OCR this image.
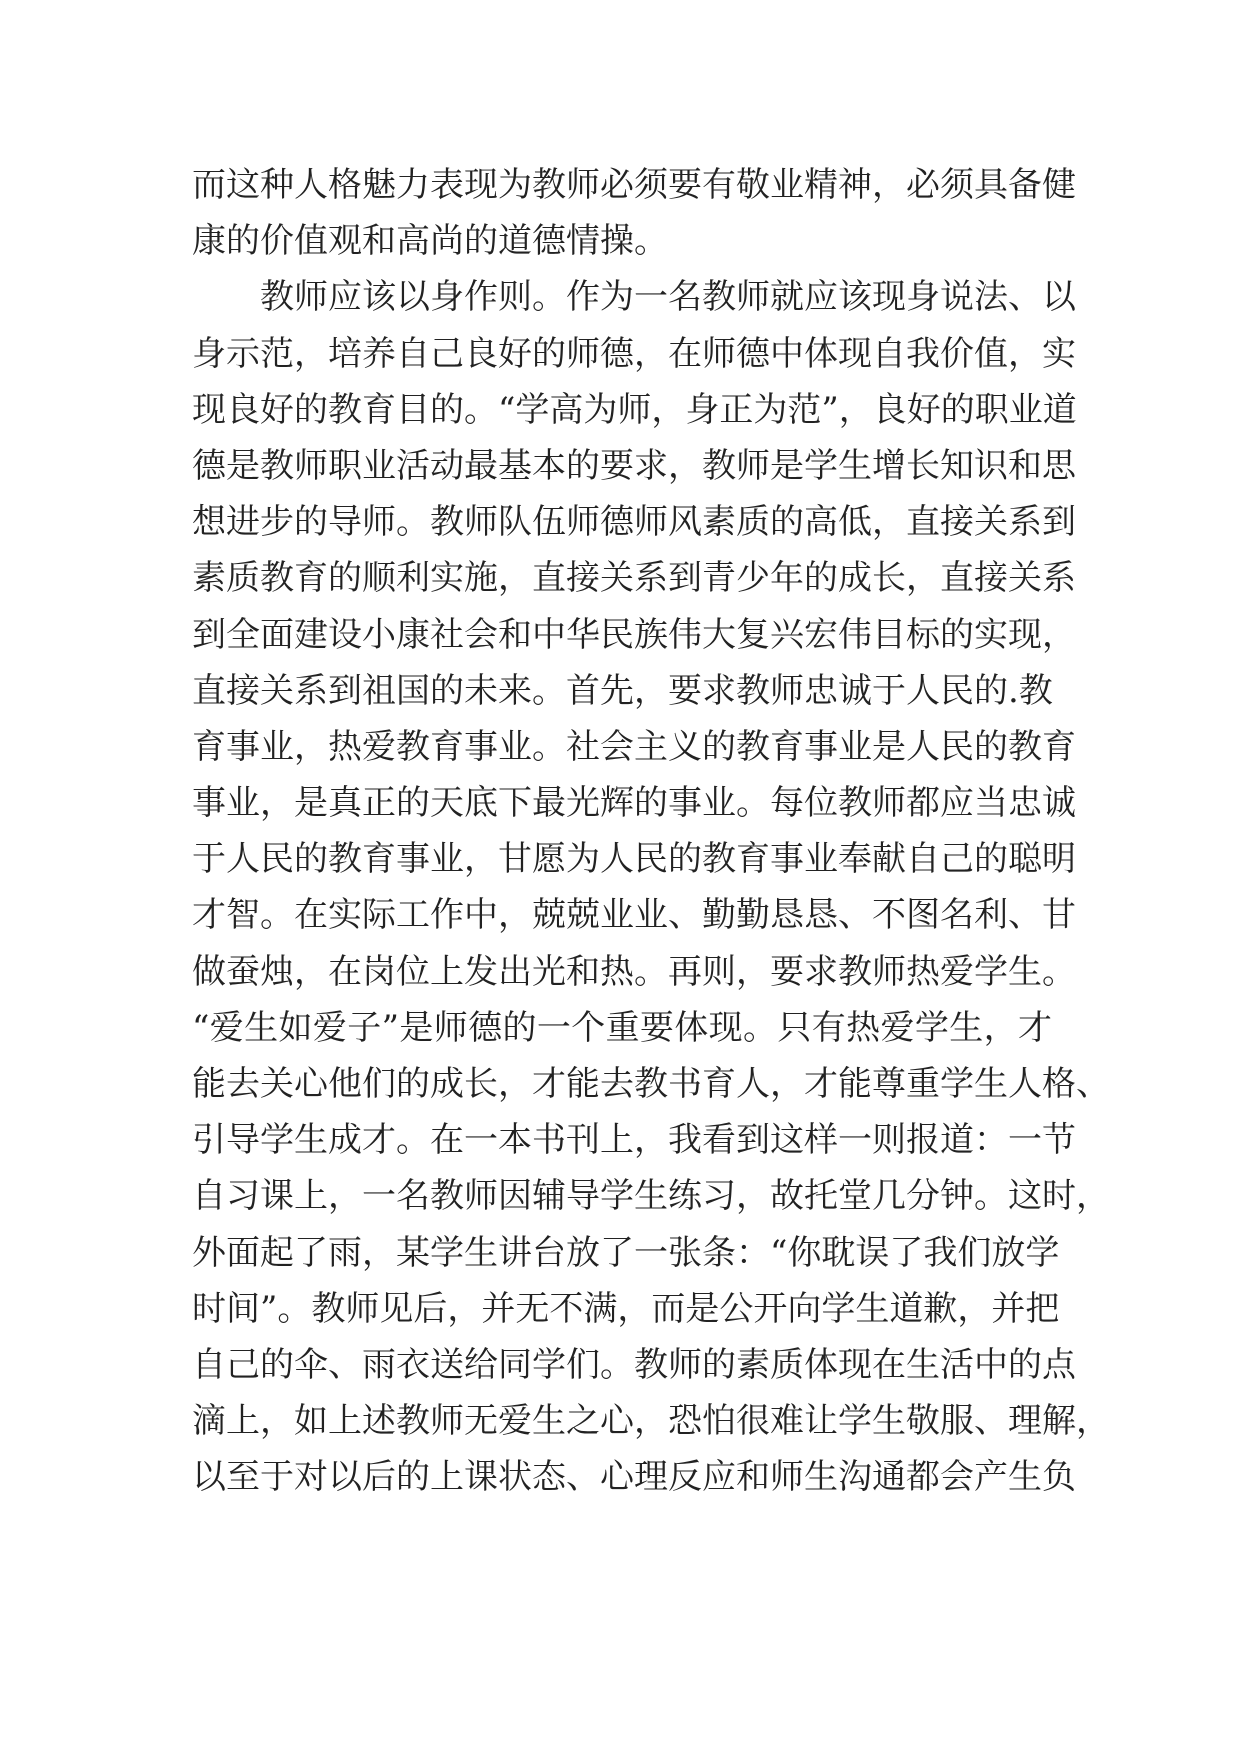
而这种人格魅力表现为教师必须要有敬业精神，必须具备健
康的价值观和高尚的道德情操。
教师应该以身作则。作为一名教师就应该现身说法、以
身示范，培养自己良好的师德，在师德中体现自我价值，实
现良好的教育目的。“学高为师，身正为范”，良好的职业道
德是教师职业活动最基本的要求，教师是学生增长知识和思
想进步的导师。教师队伍师德师风素质的高低，直接关系到
素质教育的顺利实施，直接关系到青少年的成长，直接关系
到全面建设小康社会和中华民族伟大复兴宏伟目标的实现，
直接关系到祖国的未来。首先，要求教师忠诚于人民的.教
育事业，热爱教育事业。社会主义的教育事业是人民的教育
事业，是真正的天底下最光辉的事业。每位教师都应当忠诚
于人民的教育事业，甘愿为人民的教育事业奉献自己的聪明
才智。在实际工作中，兢兢业业、勤勤恳恳、不图名利、甘
做蚕烛，在岗位上发出光和热。再则，要求教师热爱学生。
“爱生如爱子”是师德的一个重要体现。只有热爱学生，才
能去关心他们的成长，才能去教书育人，才能尊重学生人格、
引导学生成才。在一本书刊上，我看到这样一则报道：一节
自习课上，一名教师因辅导学生练习，故托堂几分钟。这时，
外面起了雨，某学生讲台放了一张条：“你耽误了我们放学
时间”。教师见后，并无不满，而是公开向学生道歉，并把
自己的伞、雨衣送给同学们。教师的素质体现在生活中的点
滴上，如上述教师无爱生之心，恐怕很难让学生敬服、理解，
以至于对以后的上课状态、心理反应和师生沟通都会产生负
